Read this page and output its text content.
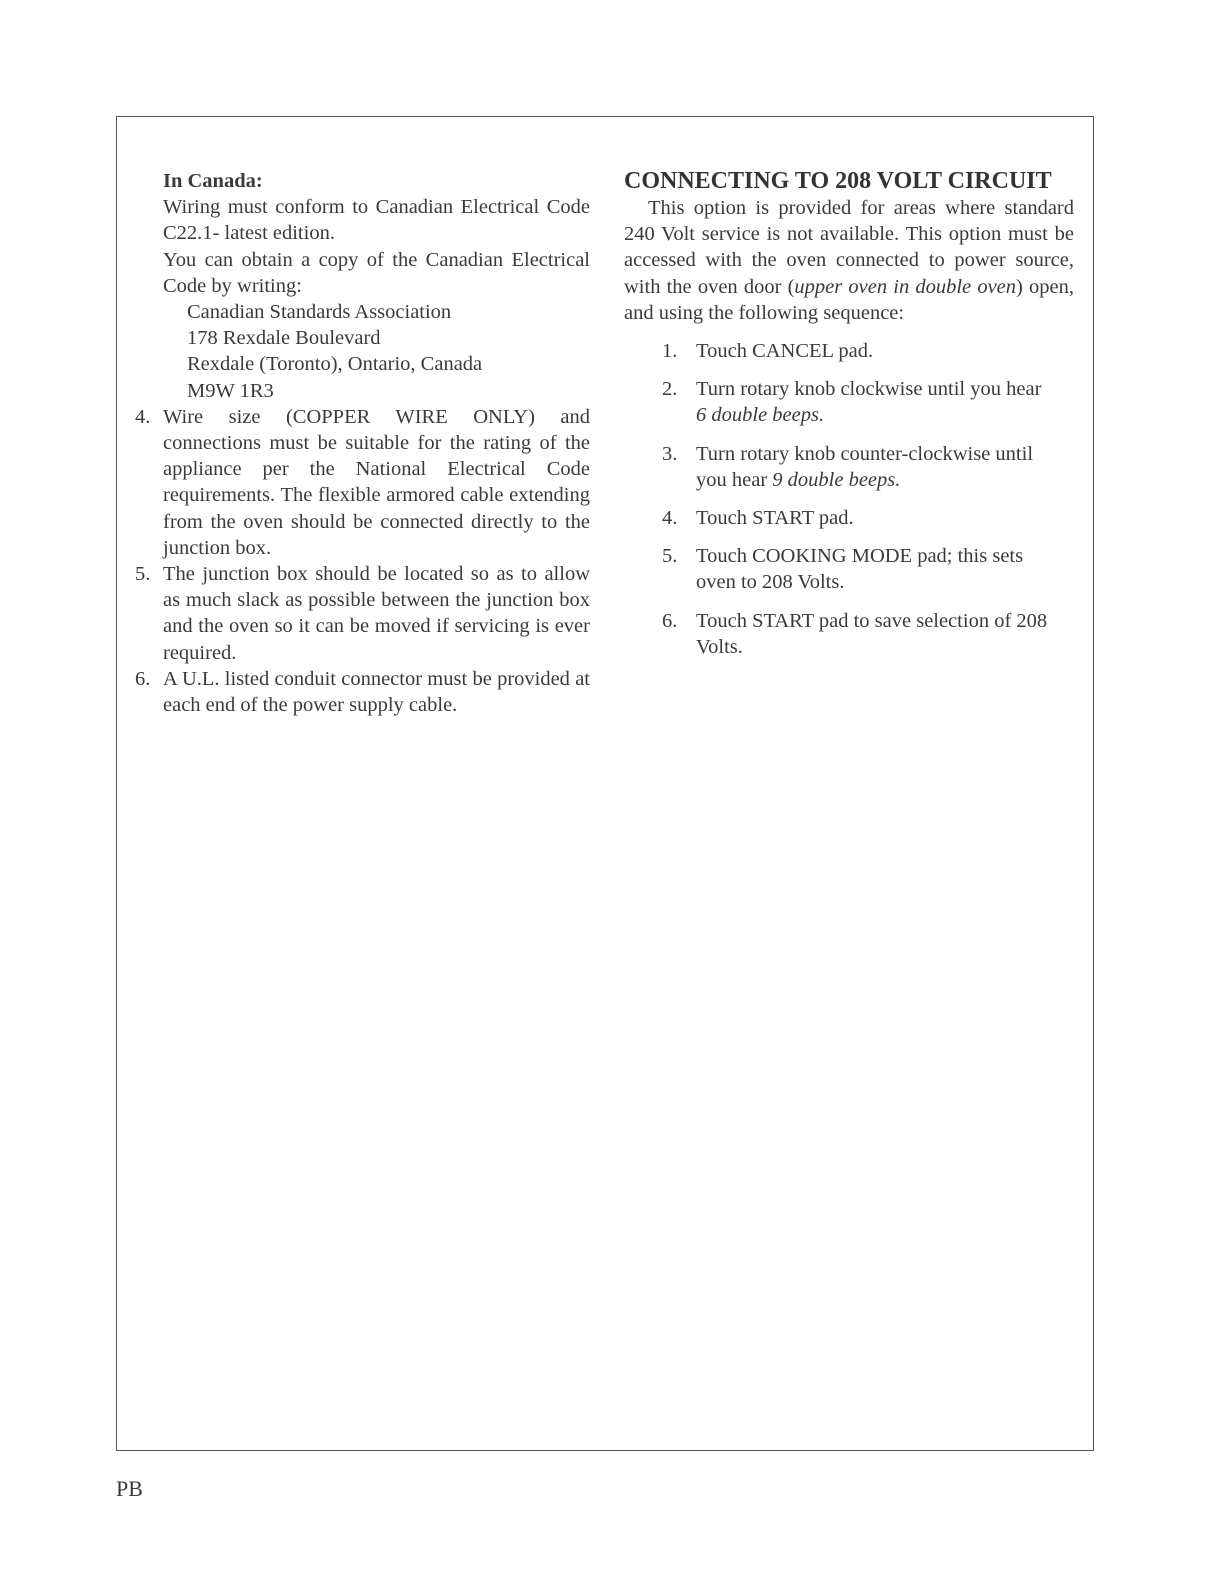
In Canada:
Wiring must conform to Canadian Electrical Code C22.1- latest edition.
You can obtain a copy of the Canadian Electrical Code by writing:
Canadian Standards Association
178 Rexdale Boulevard
Rexdale (Toronto), Ontario, Canada
M9W 1R3
4. Wire size (COPPER WIRE ONLY) and connections must be suitable for the rating of the appliance per the National Electrical Code requirements. The flexible armored cable extending from the oven should be connected directly to the junction box.
5. The junction box should be located so as to allow as much slack as possible between the junction box and the oven so it can be moved if servicing is ever required.
6. A U.L. listed conduit connector must be provided at each end of the power supply cable.
CONNECTING TO 208 VOLT CIRCUIT
This option is provided for areas where standard 240 Volt service is not available. This option must be accessed with the oven connected to power source, with the oven door (upper oven in double oven) open, and using the following sequence:
1. Touch CANCEL pad.
2. Turn rotary knob clockwise until you hear 6 double beeps.
3. Turn rotary knob counter-clockwise until you hear 9 double beeps.
4. Touch START pad.
5. Touch COOKING MODE pad; this sets oven to 208 Volts.
6. Touch START pad to save selection of 208 Volts.
PB
